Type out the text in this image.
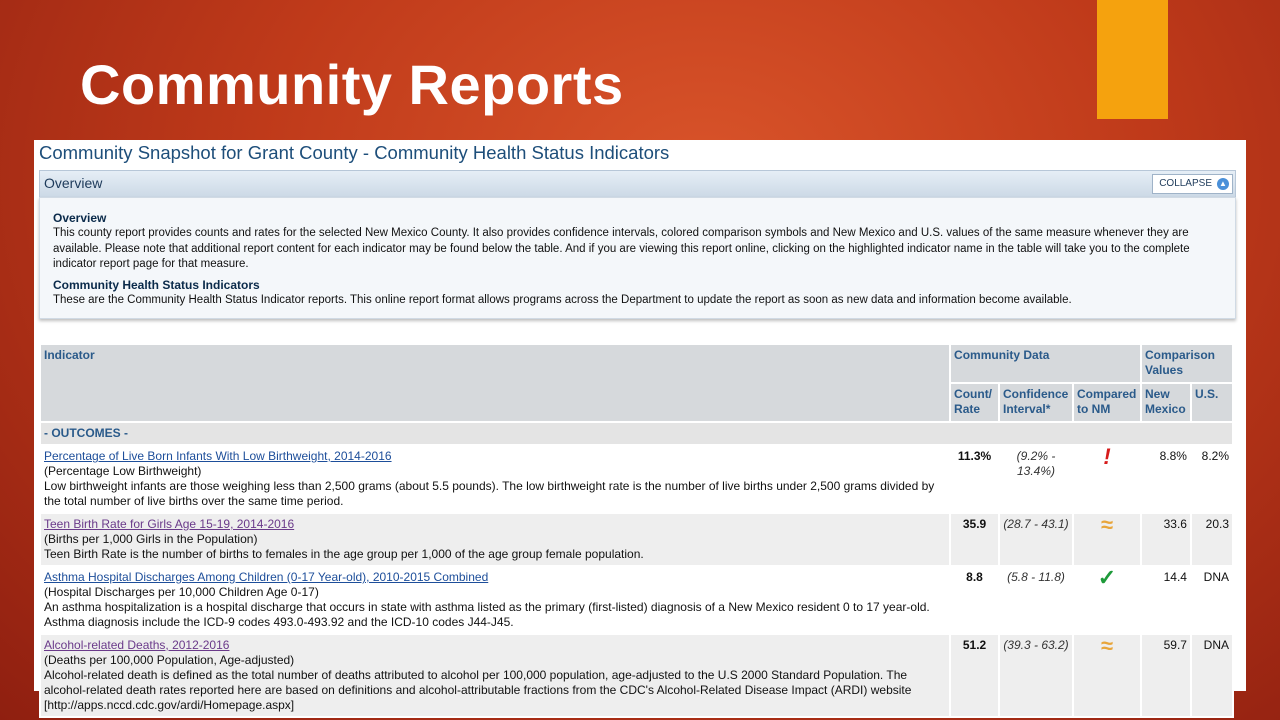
Community Reports
Community Snapshot for Grant County - Community Health Status Indicators
Overview	COLLAPSE ▲
Overview

This county report provides counts and rates for the selected New Mexico County. It also provides confidence intervals, colored comparison symbols and New Mexico and U.S. values of the same measure whenever they are available. Please note that additional report content for each indicator may be found below the table. And if you are viewing this report online, clicking on the highlighted indicator name in the table will take you to the complete indicator report page for that measure.

Community Health Status Indicators

These are the Community Health Status Indicator reports. This online report format allows programs across the Department to update the report as soon as new data and information become available.

Indicator	Community Data			Comparison Values	
	Count/ Rate	Confidence Interval*	Compared to NM	New Mexico	U.S.
- OUTCOMES -					
Percentage of Live Born Infants With Low Birthweight, 2014-2016
(Percentage Low Birthweight)
Low birthweight infants are those weighing less than 2,500 grams (about 5.5 pounds). The low birthweight rate is the number of live births under 2,500 grams divided by the total number of live births over the same time period.	11.3%	(9.2% - 13.4%)	!	8.8%	8.2%
Teen Birth Rate for Girls Age 15-19, 2014-2016
(Births per 1,000 Girls in the Population)
Teen Birth Rate is the number of births to females in the age group per 1,000 of the age group female population.	35.9	(28.7 - 43.1)	≈	33.6	20.3
Asthma Hospital Discharges Among Children (0-17 Year-old), 2010-2015 Combined
(Hospital Discharges per 10,000 Children Age 0-17)
An asthma hospitalization is a hospital discharge that occurs in state with asthma listed as the primary (first-listed) diagnosis of a New Mexico resident 0 to 17 year-old. Asthma diagnosis include the ICD-9 codes 493.0-493.92 and the ICD-10 codes J44-J45.	8.8	(5.8 - 11.8)	✓	14.4	DNA
Alcohol-related Deaths, 2012-2016
(Deaths per 100,000 Population, Age-adjusted)
Alcohol-related death is defined as the total number of deaths attributed to alcohol per 100,000 population, age-adjusted to the U.S 2000 Standard Population. The alcohol-related death rates reported here are based on definitions and alcohol-attributable fractions from the CDC's Alcohol-Related Disease Impact (ARDI) website [http://apps.nccd.cdc.gov/ardi/Homepage.aspx]	51.2	(39.3 - 63.2)	≈	59.7	DNA
